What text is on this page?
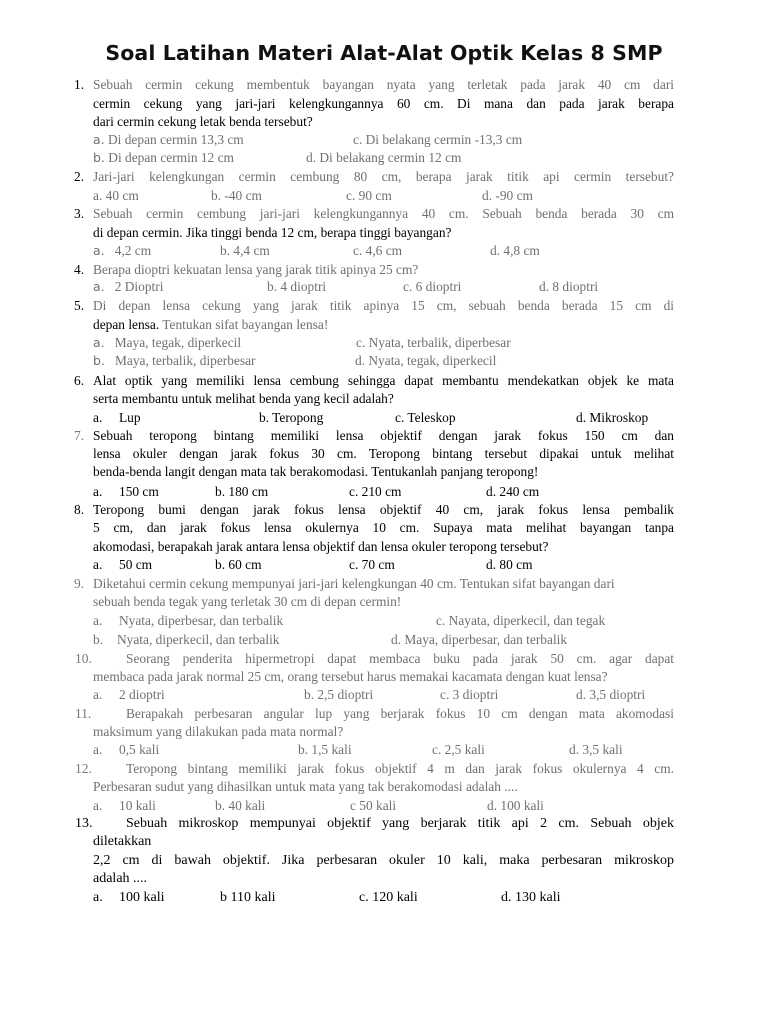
Soal Latihan Materi Alat-Alat Optik Kelas 8 SMP
1. Sebuah cermin cekung membentuk bayangan nyata yang terletak pada jarak 40 cm dari
cermin cekung yang jari-jari kelengkungannya 60 cm. Di mana dan pada jarak berapa
dari cermin cekung letak benda tersebut?
a. Di depan cermin 13,3 cm	c. Di belakang cermin -13,3 cm
b. Di depan cermin 12 cm	d. Di belakang cermin 12 cm
2. Jari-jari kelengkungan cermin cembung 80 cm, berapa jarak titik api cermin tersebut?
a. 40 cm	b. -40 cm	c. 90 cm	d. -90 cm
3. Sebuah cermin cembung jari-jari kelengkungannya 40 cm. Sebuah benda berada 30 cm
di depan cermin. Jika tinggi benda 12 cm, berapa tinggi bayangan?
a. 4,2 cm	b. 4,4 cm	c. 4,6 cm	d. 4,8 cm
4. Berapa dioptri kekuatan lensa yang jarak titik apinya 25 cm?
a. 2 Dioptri	b. 4 dioptri	c. 6 dioptri	d. 8 dioptri
5. Di depan lensa cekung yang jarak titik apinya 15 cm, sebuah benda berada 15 cm di
depan lensa. Tentukan sifat bayangan lensa!
a. Maya, tegak, diperkecil	c. Nyata, terbalik, diperbesar
b. Maya, terbalik, diperbesar	d. Nyata, tegak, diperkecil
6. Alat optik yang memiliki lensa cembung sehingga dapat membantu mendekatkan objek ke mata
serta membantu untuk melihat benda yang kecil adalah?
a. Lup	b. Teropong	c. Teleskop	d. Mikroskop
7. Sebuah teropong bintang memiliki lensa objektif dengan jarak fokus 150 cm dan
lensa okuler dengan jarak fokus 30 cm. Teropong bintang tersebut dipakai untuk melihat
benda-benda langit dengan mata tak berakomodasi. Tentukanlah panjang teropong!
a. 150 cm	b. 180 cm	c. 210 cm	d. 240 cm
8. Teropong bumi dengan jarak fokus lensa objektif 40 cm, jarak fokus lensa pembalik
5 cm, dan jarak fokus lensa okulernya 10 cm. Supaya mata melihat bayangan tanpa
akomodasi, berapakah jarak antara lensa objektif dan lensa okuler teropong tersebut?
a. 50 cm	b. 60 cm	c. 70 cm	d. 80 cm
9. Diketahui cermin cekung mempunyai jari-jari kelengkungan 40 cm. Tentukan sifat bayangan dari
sebuah benda tegak yang terletak 30 cm di depan cermin!
a. Nyata, diperbesar, dan terbalik	c. Nayata, diperkecil, dan tegak
b. Nyata, diperkecil, dan terbalik	d. Maya, diperbesar, dan terbalik
10.	Seorang penderita hipermetropi dapat membaca buku pada jarak 50 cm. agar dapat
membaca pada jarak normal 25 cm, orang tersebut harus memakai kacamata dengan kuat lensa?
a. 2 dioptri	b. 2,5 dioptri	c. 3 dioptri	d. 3,5 dioptri
11.	Berapakah perbesaran angular lup yang berjarak fokus 10 cm dengan mata akomodasi
maksimum yang dilakukan pada mata normal?
a. 0,5 kali	b. 1,5 kali	c. 2,5 kali	d. 3,5 kali
12.	Teropong bintang memiliki jarak fokus objektif 4 m dan jarak fokus okulernya 4 cm.
Perbesaran sudut yang dihasilkan untuk mata yang tak berakomodasi adalah ....
a. 10 kali	b. 40 kali	c 50 kali	d. 100 kali
13. Sebuah mikroskop mempunyai objektif yang berjarak titik api 2 cm. Sebuah objek
diletakkan
2,2 cm di bawah objektif. Jika perbesaran okuler 10 kali, maka perbesaran mikroskop
adalah ....
a. 100 kali	b 110 kali	c. 120 kali	d. 130 kali
